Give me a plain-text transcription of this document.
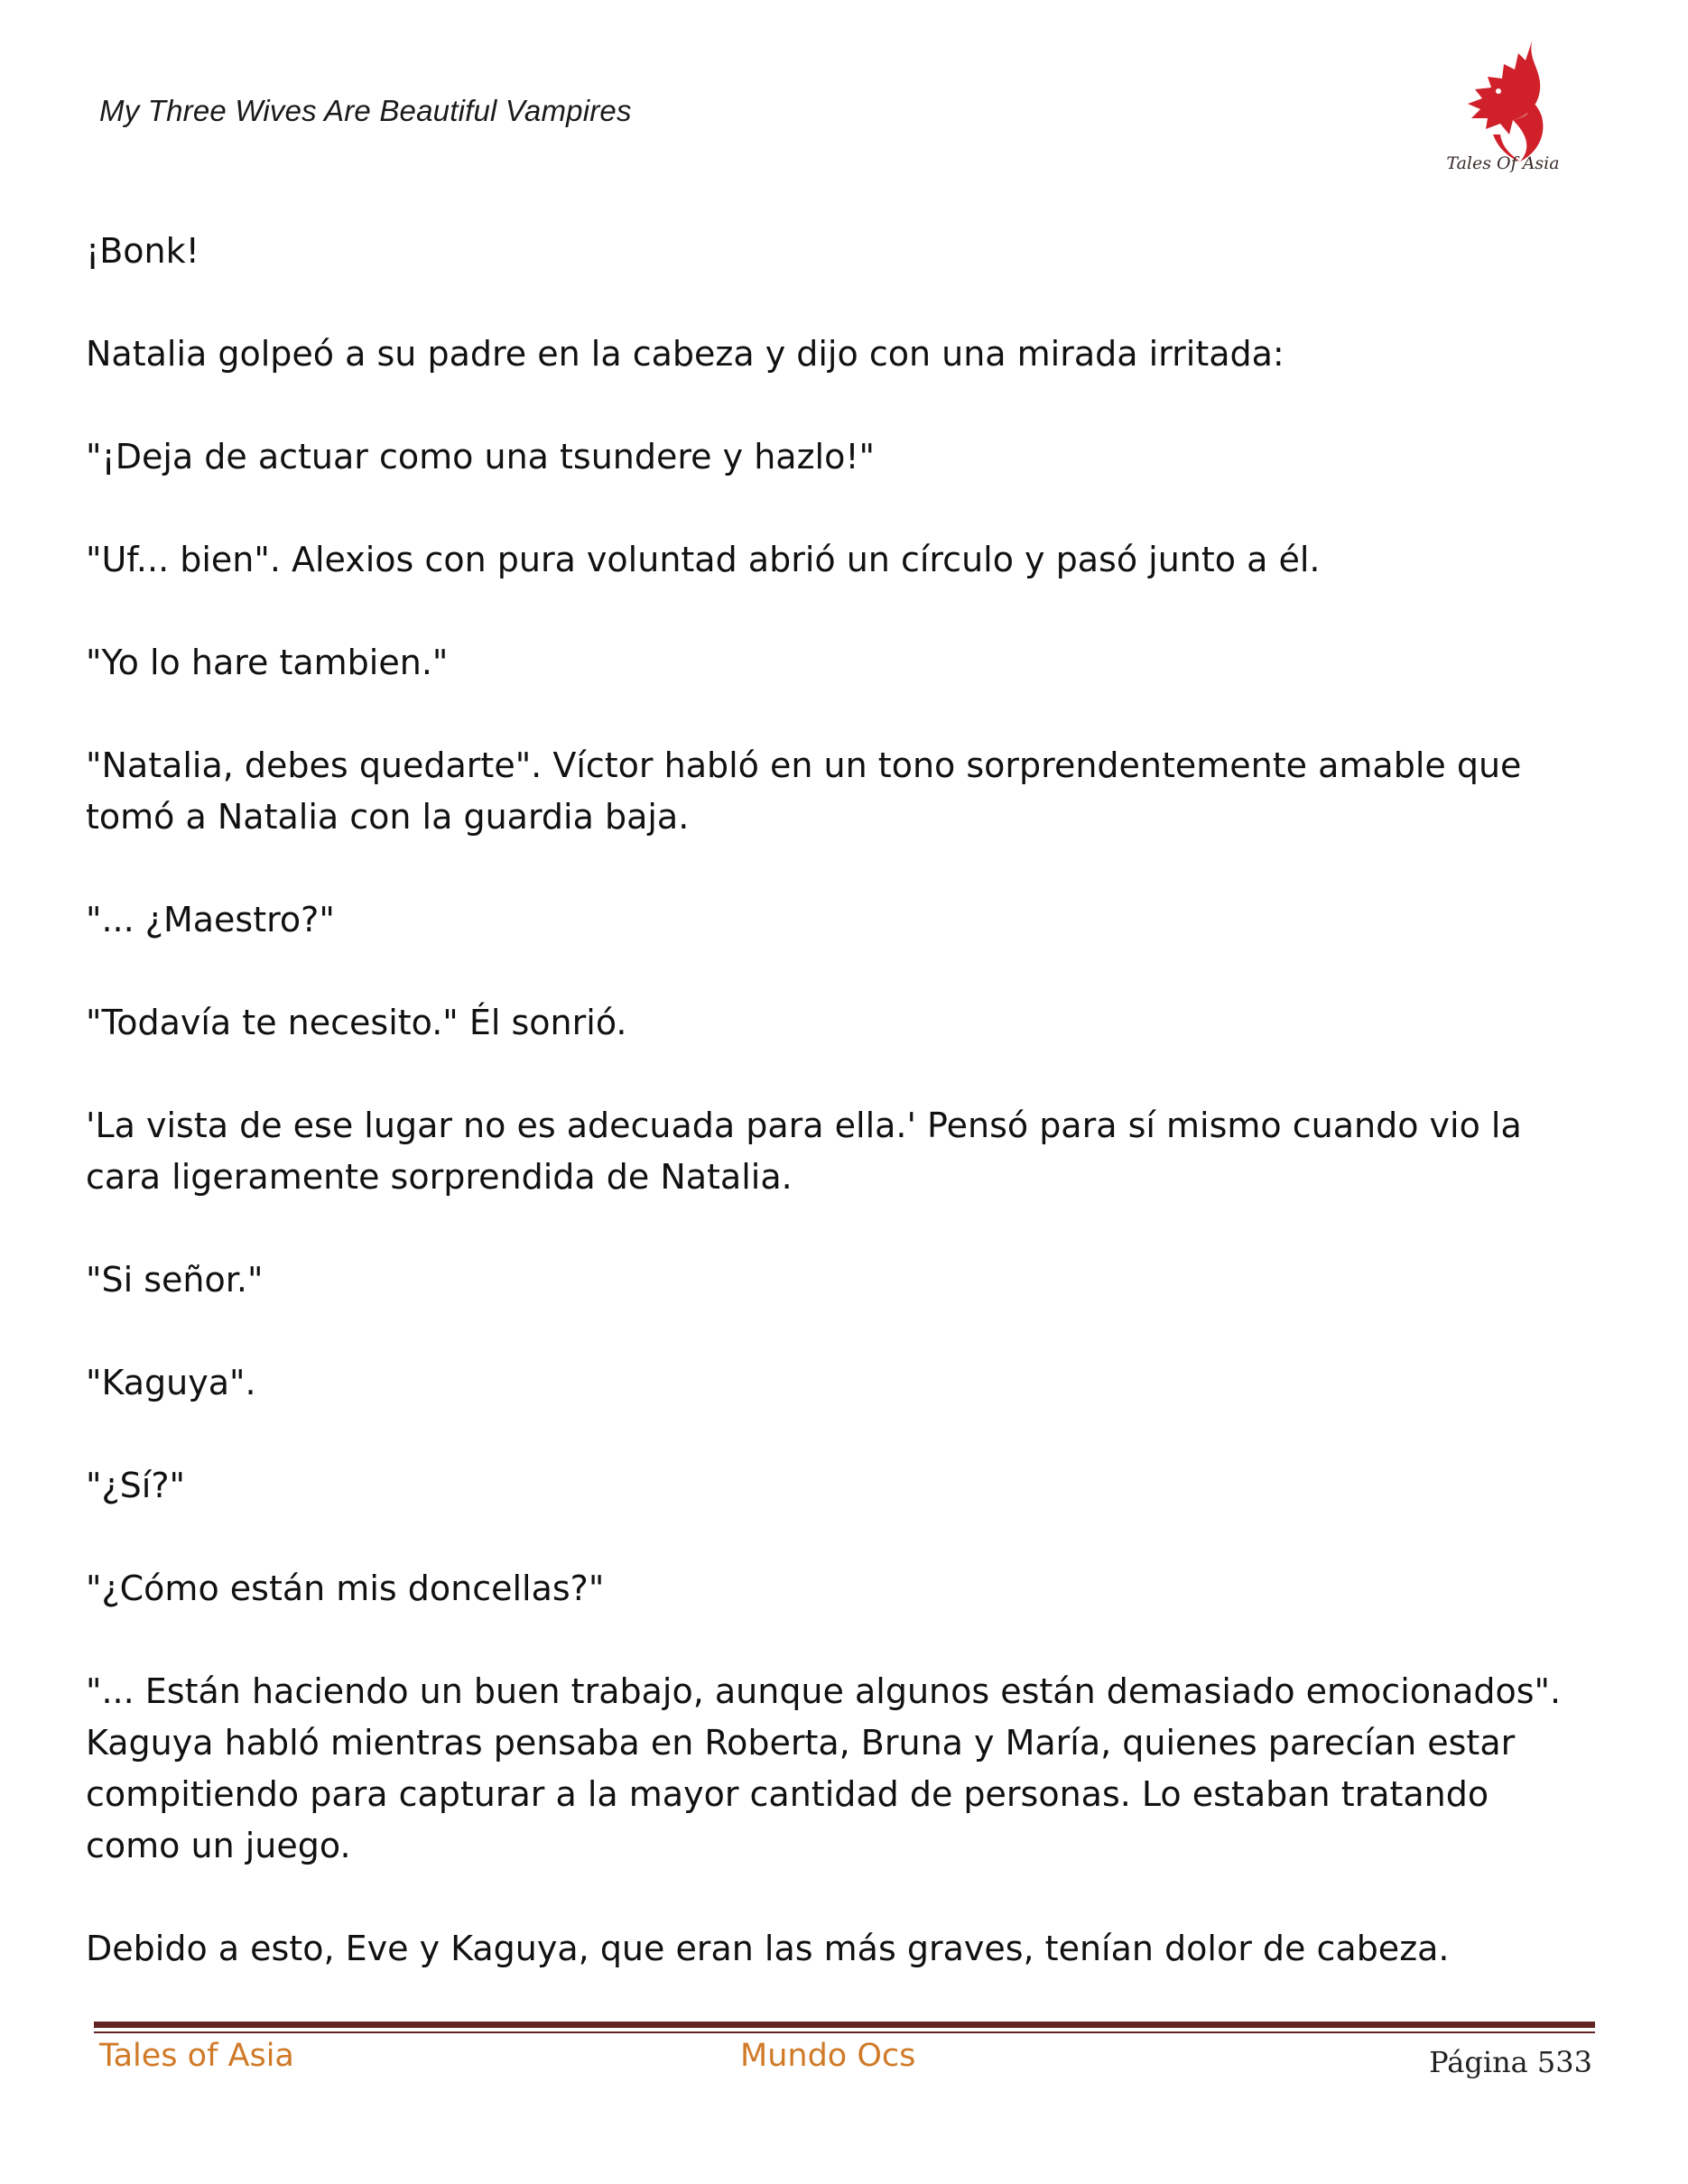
My Three Wives Are Beautiful Vampires
Tales Of Asia

¡Bonk!

Natalia golpeó a su padre en la cabeza y dijo con una mirada irritada:

"¡Deja de actuar como una tsundere y hazlo!"

"Uf... bien". Alexios con pura voluntad abrió un círculo y pasó junto a él.

"Yo lo hare tambien."

"Natalia, debes quedarte". Víctor habló en un tono sorprendentemente amable que tomó a Natalia con la guardia baja.

"... ¿Maestro?"

"Todavía te necesito." Él sonrió.

'La vista de ese lugar no es adecuada para ella.' Pensó para sí mismo cuando vio la cara ligeramente sorprendida de Natalia.

"Si señor."

"Kaguya".

"¿Sí?"

"¿Cómo están mis doncellas?"

"... Están haciendo un buen trabajo, aunque algunos están demasiado emocionados". Kaguya habló mientras pensaba en Roberta, Bruna y María, quienes parecían estar compitiendo para capturar a la mayor cantidad de personas. Lo estaban tratando como un juego.

Debido a esto, Eve y Kaguya, que eran las más graves, tenían dolor de cabeza.

Tales of Asia	Mundo Ocs	Página 533
